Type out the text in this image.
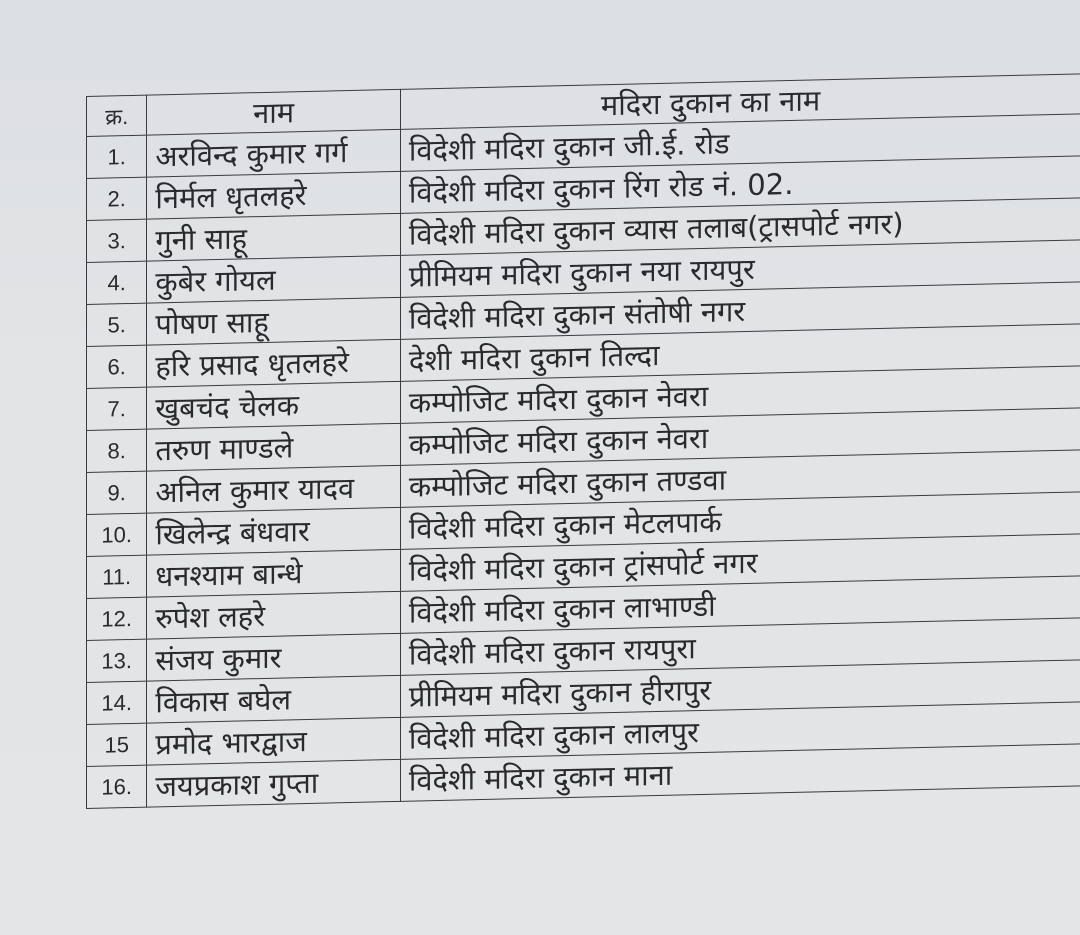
क्र.	नाम	मदिरा दुकान का नाम
1.	अरविन्द कुमार गर्ग	विदेशी मदिरा दुकान जी.ई. रोड
2.	निर्मल धृतलहरे	विदेशी मदिरा दुकान रिंग रोड नं. 02.
3.	गुनी साहू	विदेशी मदिरा दुकान व्यास तलाब(ट्रासपोर्ट नगर)
4.	कुबेर गोयल	प्रीमियम मदिरा दुकान नया रायपुर
5.	पोषण साहू	विदेशी मदिरा दुकान संतोषी नगर
6.	हरि प्रसाद धृतलहरे	देशी मदिरा दुकान तिल्दा
7.	खुबचंद चेलक	कम्पोजिट मदिरा दुकान नेवरा
8.	तरुण माण्डले	कम्पोजिट मदिरा दुकान नेवरा
9.	अनिल कुमार यादव	कम्पोजिट मदिरा दुकान तण्डवा
10.	खिलेन्द्र बंधवार	विदेशी मदिरा दुकान मेटलपार्क
11.	धनश्याम बान्धे	विदेशी मदिरा दुकान ट्रांसपोर्ट नगर
12.	रुपेश लहरे	विदेशी मदिरा दुकान लाभाण्डी
13.	संजय कुमार	विदेशी मदिरा दुकान रायपुरा
14.	विकास बघेल	प्रीमियम मदिरा दुकान हीरापुर
15	प्रमोद भारद्वाज	विदेशी मदिरा दुकान लालपुर
16.	जयप्रकाश गुप्ता	विदेशी मदिरा दुकान माना
